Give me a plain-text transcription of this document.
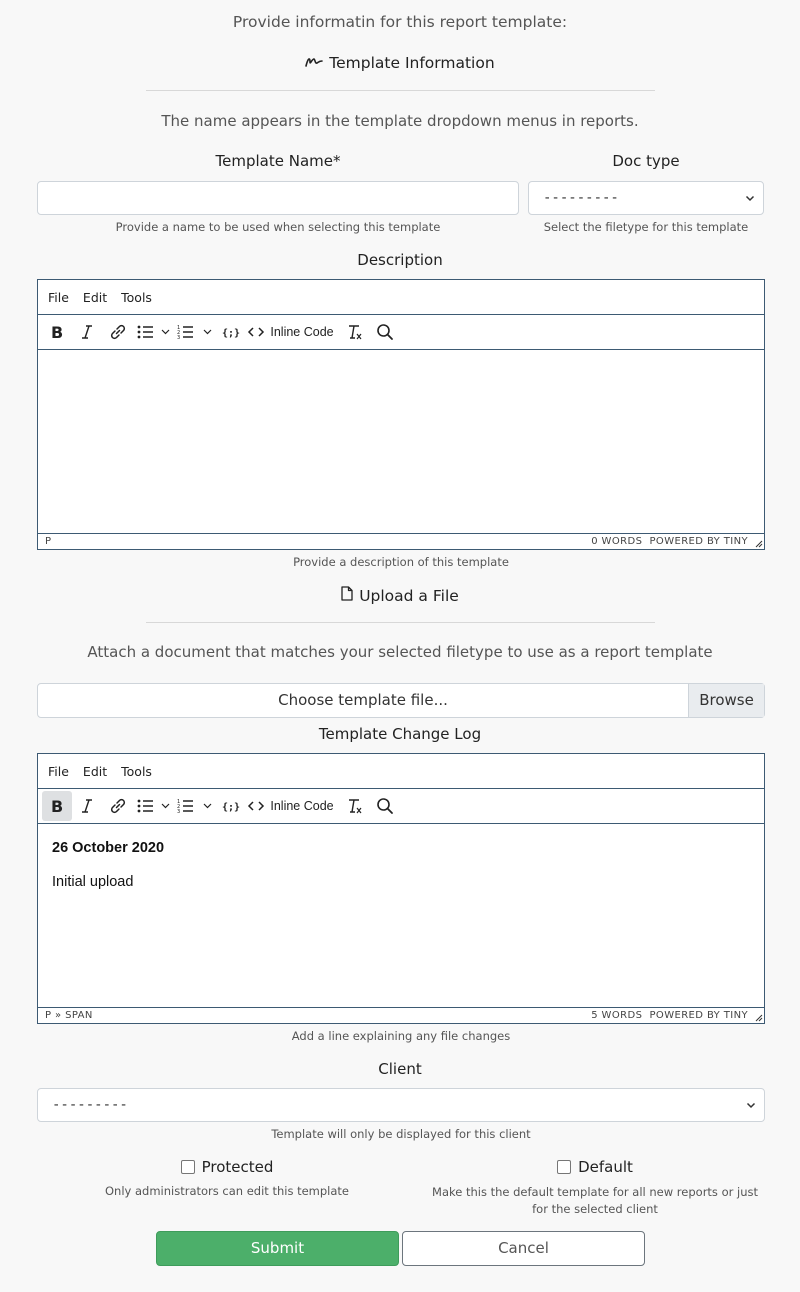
Provide informatin for this report template:
Template Information
The name appears in the template dropdown menus in reports.
Template Name*	Doc type
---------
Provide a name to be used when selecting this template	Select the filetype for this template
Description
File Edit Tools
B	1
2
3	{;} Inline Code
P	0 WORDS POWERED BY TINY
Provide a description of this template
Upload a File
Attach a document that matches your selected filetype to use as a report template
Choose template file...	Browse
Template Change Log
File Edit Tools
B	1
2
3	{;} Inline Code

26 October 2020

Initial upload

P » SPAN	5 WORDS POWERED BY TINY
Add a line explaining any file changes
Client
---------
Template will only be displayed for this client
Protected
Only administrators can edit this template
Default
Make this the default template for all new reports or just for the selected client
Submit	Cancel
